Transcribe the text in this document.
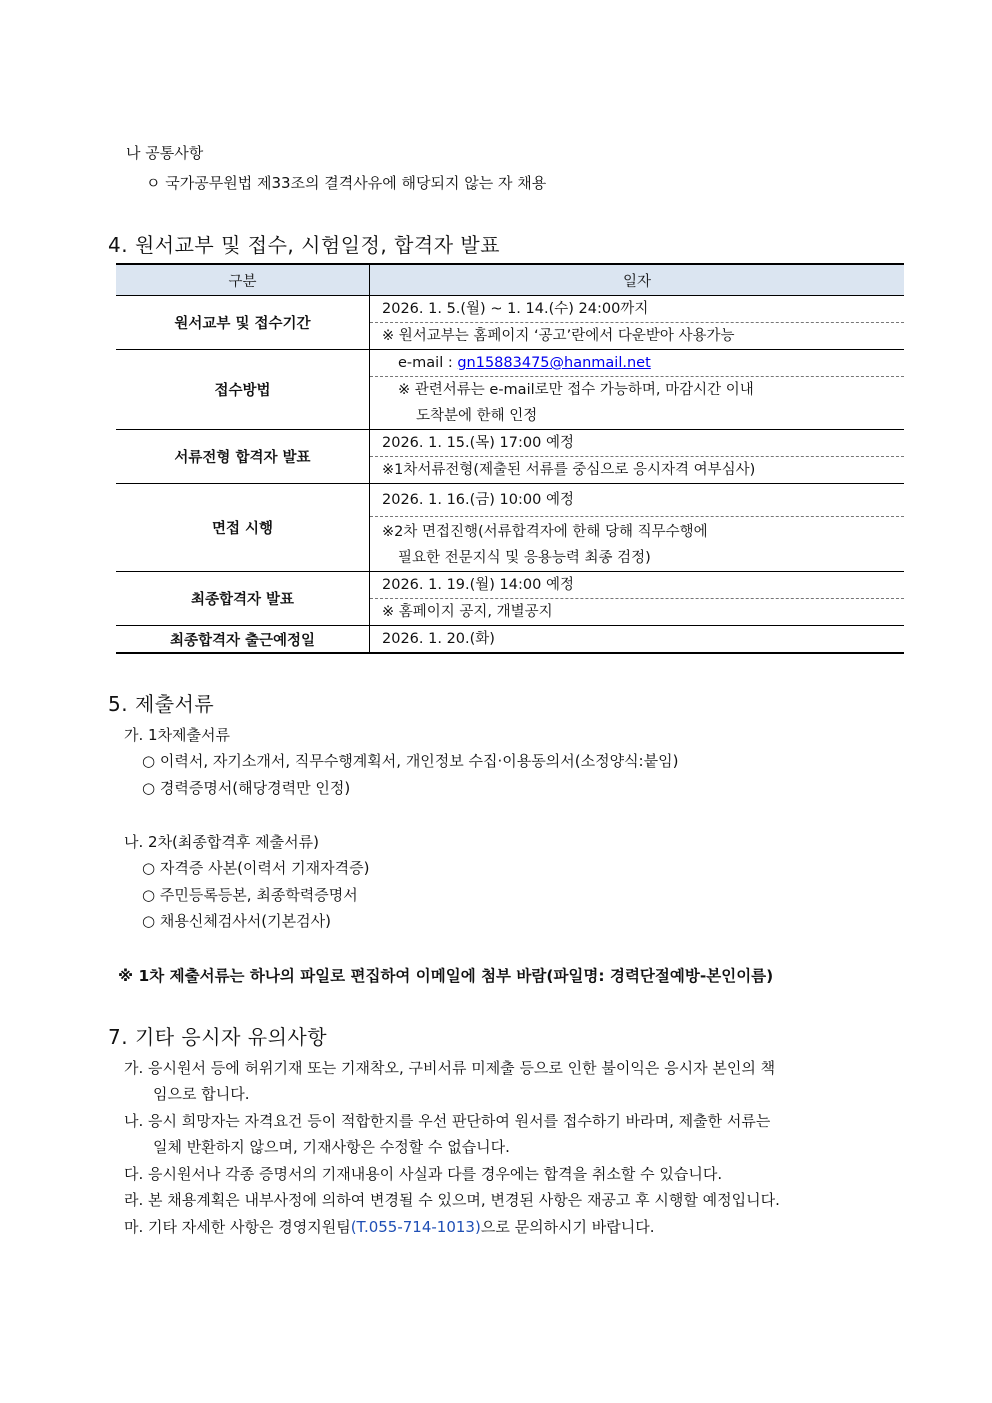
나 공통사항
ㅇ 국가공무원법 제33조의 결격사유에 해당되지 않는 자 채용
4. 원서교부 및 접수, 시험일정, 합격자 발표
구분	일자
원서교부 및 접수기간	2026. 1. 5.(월) ~ 1. 14.(수) 24:00까지
※ 원서교부는 홈페이지 ‘공고’란에서 다운받아 사용가능

접수방법	e-mail : gn15883475@hanmail.net
※ 관련서류는 e-mail로만 접수 가능하며, 마감시간 이내
도착분에 한해 인정

서류전형 합격자 발표	2026. 1. 15.(목) 17:00 예정
※1차서류전형(제출된 서류를 중심으로 응시자격 여부심사)

면접 시행	2026. 1. 16.(금) 10:00 예정
※2차 면접진행(서류합격자에 한해 당해 직무수행에
필요한 전문지식 및 응용능력 최종 검정)

최종합격자 발표	2026. 1. 19.(월) 14:00 예정
※ 홈페이지 공지, 개별공지

최종합격자 출근예정일	2026. 1. 20.(화)
5. 제출서류
가. 1차제출서류
○ 이력서, 자기소개서, 직무수행계획서, 개인정보 수집·이용동의서(소정양식:붙임)
○ 경력증명서(해당경력만 인정)
나. 2차(최종합격후 제출서류)
○ 자격증 사본(이력서 기재자격증)
○ 주민등록등본, 최종학력증명서
○ 채용신체검사서(기본검사)
※ 1차 제출서류는 하나의 파일로 편집하여 이메일에 첨부 바람(파일명: 경력단절예방-본인이름)
7. 기타 응시자 유의사항
가. 응시원서 등에 허위기재 또는 기재착오, 구비서류 미제출 등으로 인한 불이익은 응시자 본인의 책
임으로 합니다.
나. 응시 희망자는 자격요건 등이 적합한지를 우선 판단하여 원서를 접수하기 바라며, 제출한 서류는
일체 반환하지 않으며, 기재사항은 수정할 수 없습니다.
다. 응시원서나 각종 증명서의 기재내용이 사실과 다를 경우에는 합격을 취소할 수 있습니다.
라. 본 채용계획은 내부사정에 의하여 변경될 수 있으며, 변경된 사항은 재공고 후 시행할 예정입니다.
마. 기타 자세한 사항은 경영지원팀(T.055-714-1013)으로 문의하시기 바랍니다.
